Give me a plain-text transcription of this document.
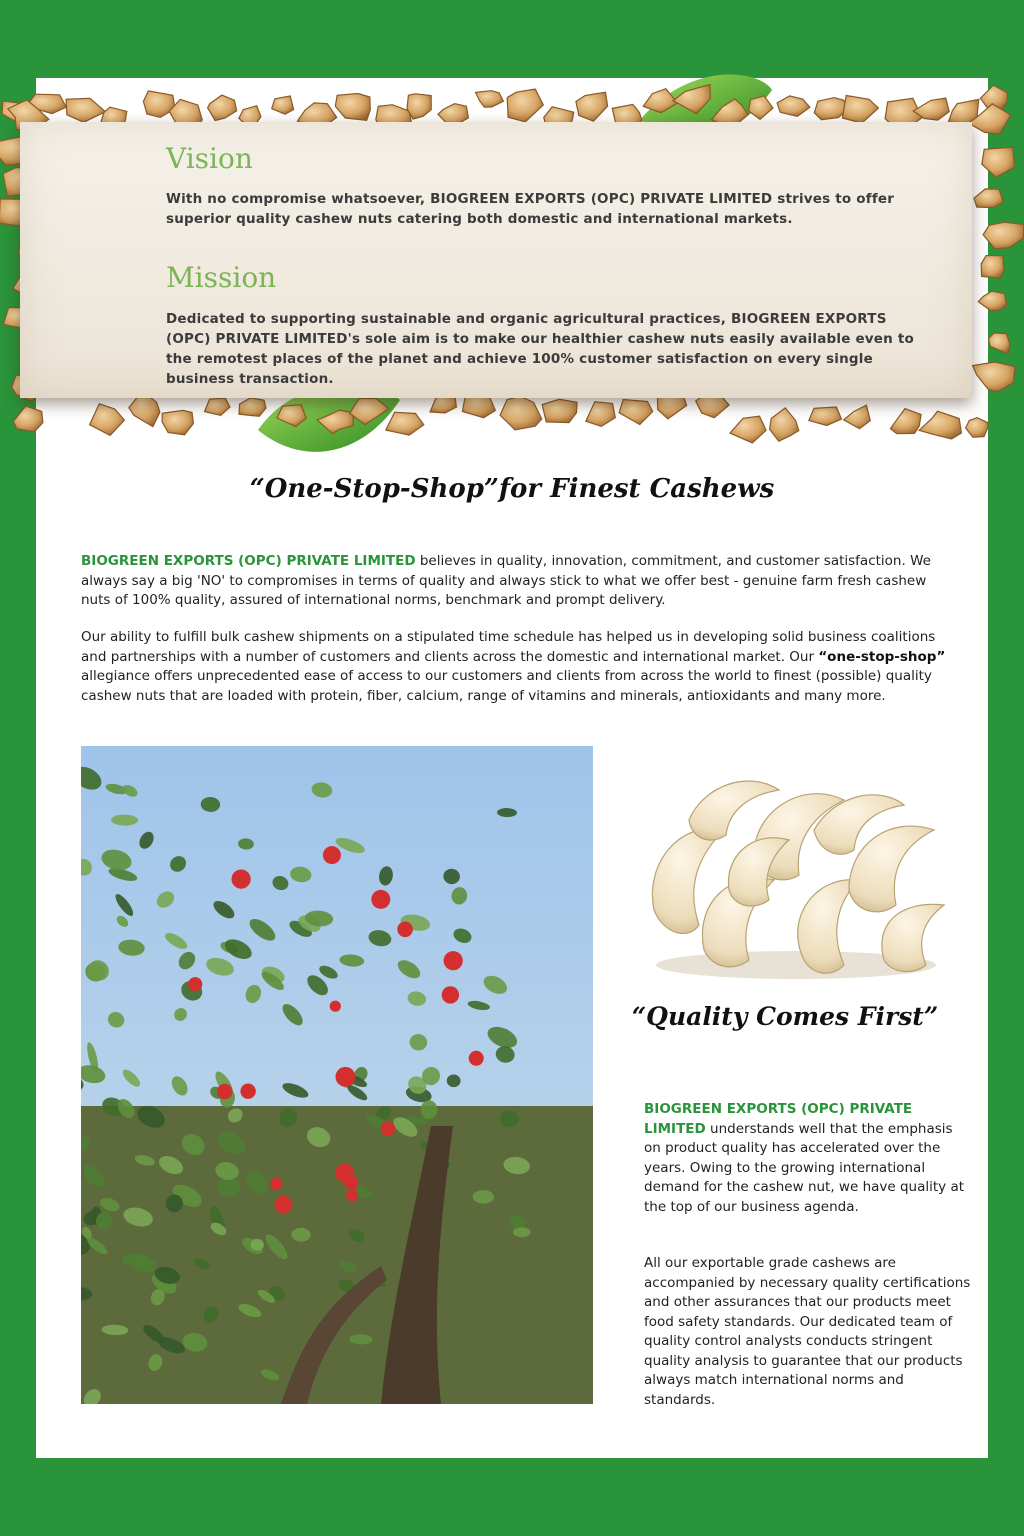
Vision

With no compromise whatsoever, BIOGREEN EXPORTS (OPC) PRIVATE LIMITED strives to offer superior quality cashew nuts catering both domestic and international markets.

Mission

Dedicated to supporting sustainable and organic agricultural practices, BIOGREEN EXPORTS (OPC) PRIVATE LIMITED's sole aim is to make our healthier cashew nuts easily available even to the remotest places of the planet and achieve 100% customer satisfaction on every single business transaction.

“One-Stop-Shop”for Finest Cashews

BIOGREEN EXPORTS (OPC) PRIVATE LIMITED believes in quality, innovation, commitment, and customer satisfaction. We always say a big 'NO' to compromises in terms of quality and always stick to what we offer best - genuine farm fresh cashew nuts of 100% quality, assured of international norms, benchmark and prompt delivery.

Our ability to fulfill bulk cashew shipments on a stipulated time schedule has helped us in developing solid business coalitions and partnerships with a number of customers and clients across the domestic and international market. Our “one-stop-shop” allegiance offers unprecedented ease of access to our customers and clients from across the world to finest (possible) quality cashew nuts that are loaded with protein, fiber, calcium, range of vitamins and minerals, antioxidants and many more.

“Quality Comes First”

BIOGREEN EXPORTS (OPC) PRIVATE LIMITED understands well that the emphasis on product quality has accelerated over the years. Owing to the growing international demand for the cashew nut, we have quality at the top of our business agenda.

All our exportable grade cashews are accompanied by necessary quality certifications and other assurances that our products meet food safety standards. Our dedicated team of quality control analysts conducts stringent quality analysis to guarantee that our products always match international norms and standards.
